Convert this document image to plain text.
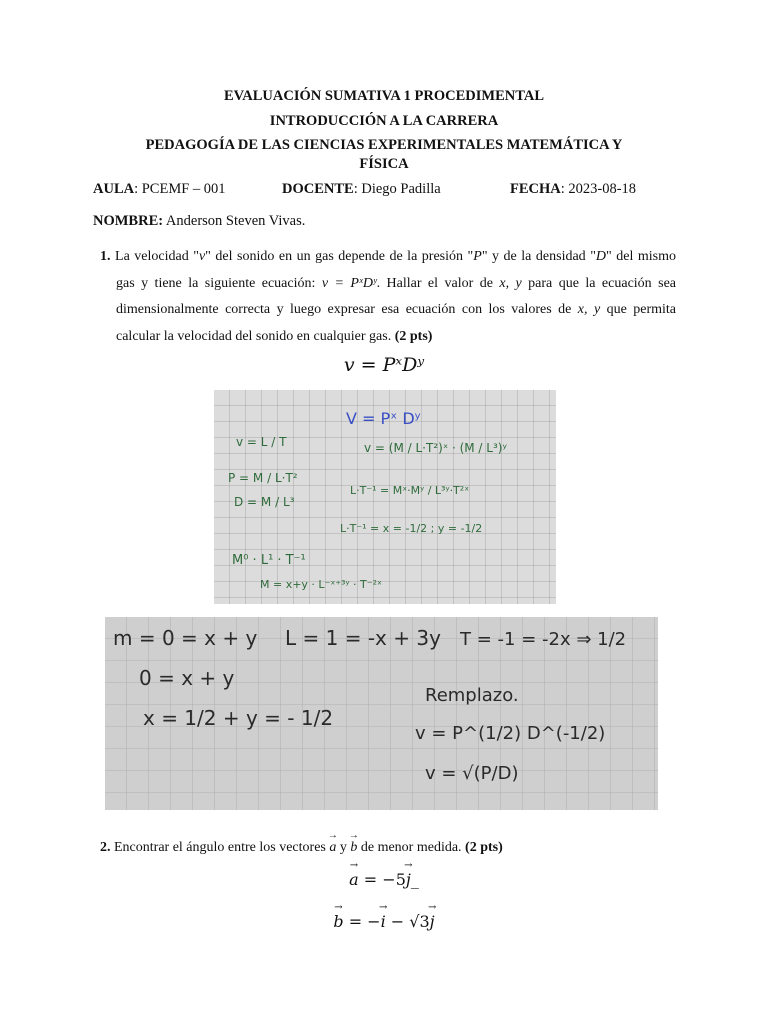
EVALUACIÓN SUMATIVA 1 PROCEDIMENTAL
INTRODUCCIÓN A LA CARRERA
PEDAGOGÍA DE LAS CIENCIAS EXPERIMENTALES MATEMÁTICA Y
FÍSICA
AULA: PCEMF – 001	DOCENTE: Diego Padilla	FECHA: 2023-08-18
NOMBRE: Anderson Steven Vivas.

1. La velocidad "v" del sonido en un gas depende de la presión "P" y de la densidad "D" del mismo gas y tiene la siguiente ecuación: v = PˣDʸ. Hallar el valor de x, y para que la ecuación sea dimensionalmente correcta y luego expresar esa ecuación con los valores de x, y que permita calcular la velocidad del sonido en cualquier gas. (2 pts)

v = PˣDʸ
V = Pˣ Dʸ
v = L / T
P = M / L·T²
D = M / L³
v = (M / L·T²)ˣ · (M / L³)ʸ
L·T⁻¹ = Mˣ·Mʸ / L³ʸ·T²ˣ
L·T⁻¹ = x = -1/2 ; y = -1/2
M⁰ · L¹ · T⁻¹
M = x+y · L⁻ˣ⁺³ʸ · T⁻²ˣ
m = 0 = x + y L = 1 = -x + 3y T = -1 = -2x ⇒ 1/2
0 = x + y
x = 1/2 + y = - 1/2
Remplazo.
v = P^(1/2) D^(-1/2)
v = √(P/D)
2. Encontrar el ángulo entre los vectores → a y → b de menor medida. (2 pts)
→ a = −5→ j_
→ b = −→ i − √3→ j
